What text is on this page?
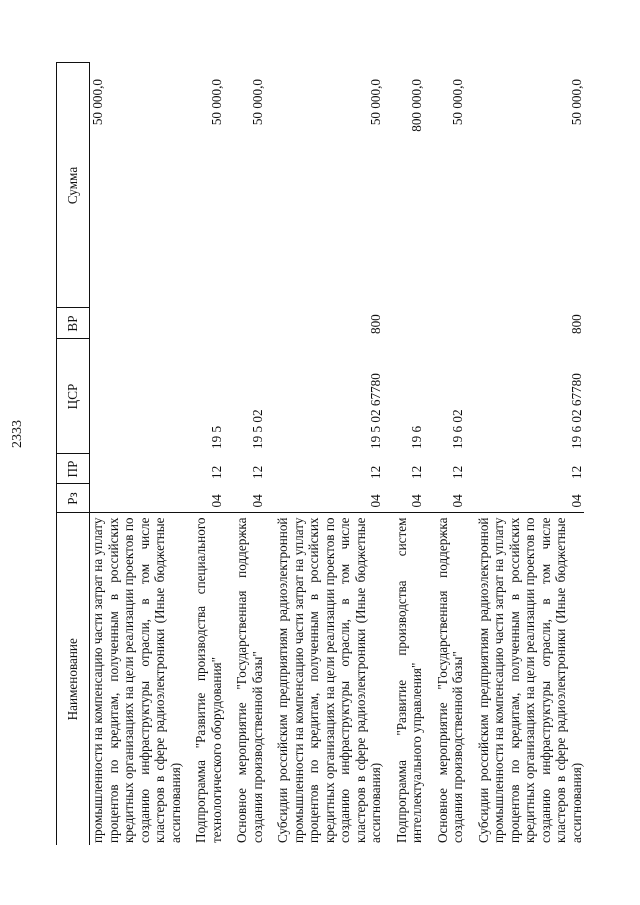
2333
Наименование	Рз	ПР	ЦСР	ВР	Сумма
промышленности на компенсацию части затрат на уплату процентов по кредитам, полученным в российских кредитных организациях на цели реализации проектов по созданию инфраструктуры отрасли, в том числе кластеров в сфере радиоэлектроники (Иные бюджетные ассигнования)					50 000,0

Подпрограмма "Развитие производства специального технологического оборудования"	04	12	19 5		50 000,0

Основное мероприятие "Государственная поддержка создания производственной базы"	04	12	19 5 02		50 000,0

Субсидии российским предприятиям радиоэлектронной промышленности на компенсацию части затрат на уплату процентов по кредитам, полученным в российских кредитных организациях на цели реализации проектов по созданию инфраструктуры отрасли, в том числе кластеров в сфере радиоэлектроники (Иные бюджетные ассигнования)	04	12	19 5 02 67780	800	50 000,0

Подпрограмма "Развитие производства систем интеллектуального управления"	04	12	19 6		800 000,0

Основное мероприятие "Государственная поддержка создания производственной базы"	04	12	19 6 02		50 000,0

Субсидии российским предприятиям радиоэлектронной промышленности на компенсацию части затрат на уплату процентов по кредитам, полученным в российских кредитных организациях на цели реализации проектов по созданию инфраструктуры отрасли, в том числе кластеров в сфере радиоэлектроники (Иные бюджетные ассигнования)	04	12	19 6 02 67780	800	50 000,0
